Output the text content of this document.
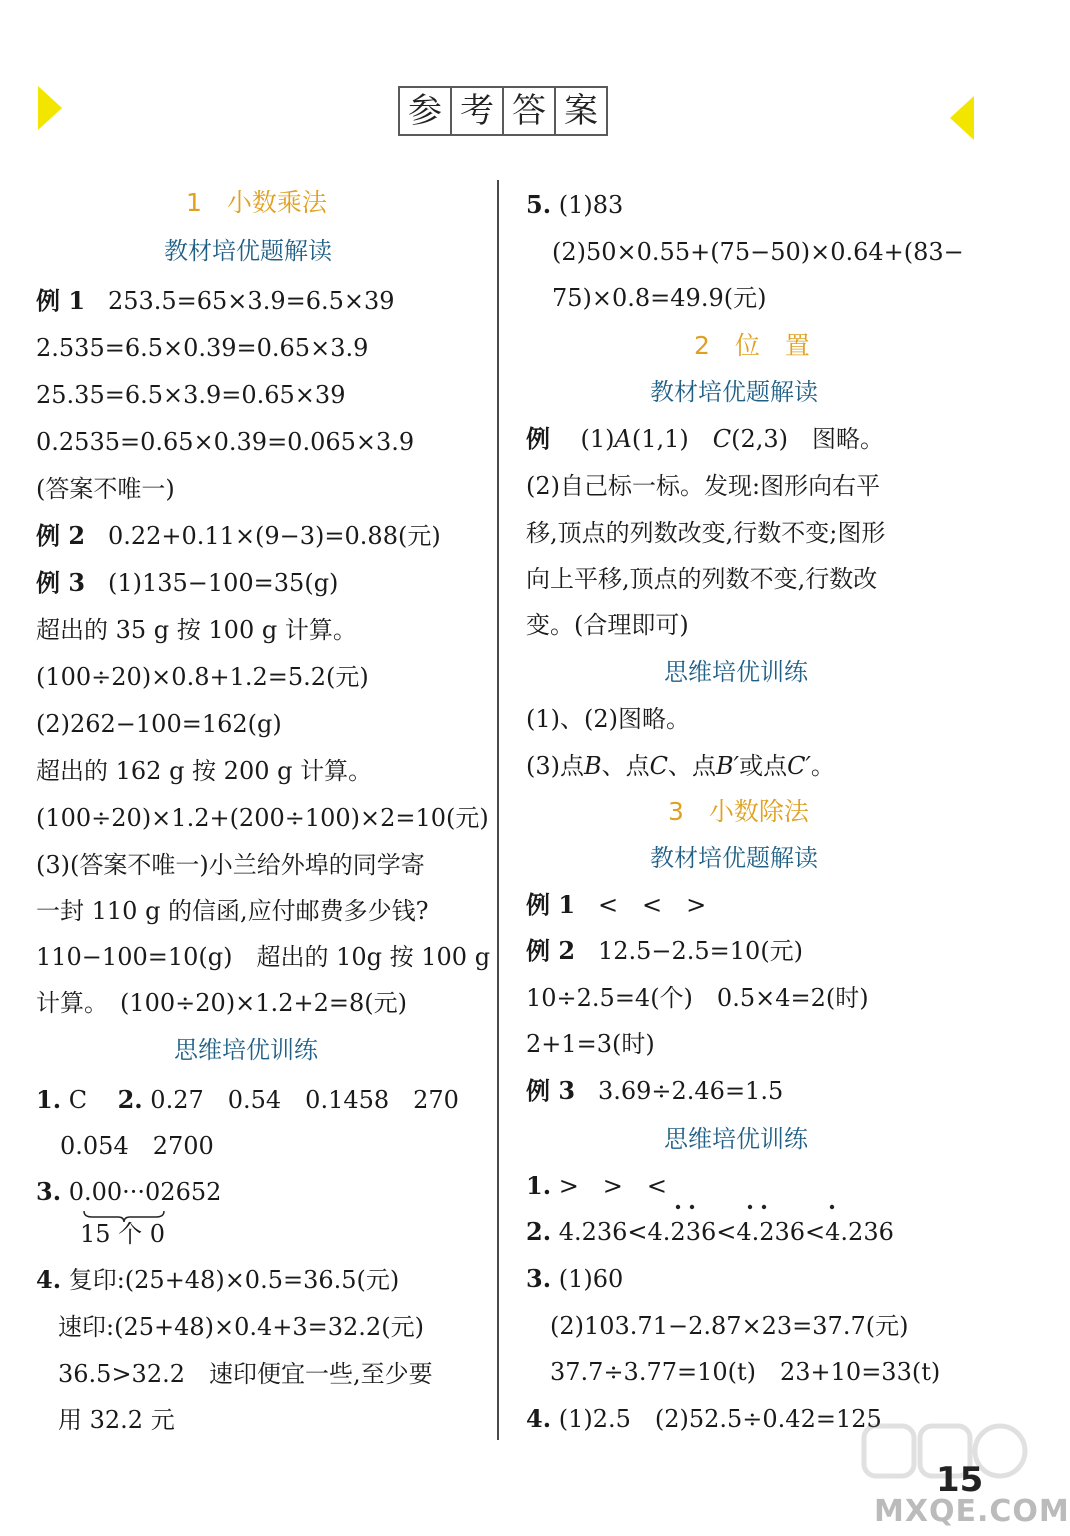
参 考 答 案
1　小数乘法
教材培优题解读
例 1 253.5=65×3.9=6.5×39
2.535=6.5×0.39=0.65×3.9
25.35=6.5×3.9=0.65×39
0.2535=0.65×0.39=0.065×3.9
(答案不唯一)
例 2 0.22+0.11×(9−3)=0.88(元)
例 3 (1)135−100=35(g)
超出的 35 g 按 100 g 计算。
(100÷20)×0.8+1.2=5.2(元)
(2)262−100=162(g)
超出的 162 g 按 200 g 计算。
(100÷20)×1.2+(200÷100)×2=10(元)
(3)(答案不唯一)小兰给外埠的同学寄
一封 110 g 的信函,应付邮费多少钱?
110−100=10(g)　超出的 10g 按 100 g
计算。　(100÷20)×1.2+2=8(元)
思维培优训练
1. C 2. 0.27　0.54　0.1458　270
0.054　2700
3. 0.00···02652
15 个 0
4. 复印:(25+48)×0.5=36.5(元)
速印:(25+48)×0.4+3=32.2(元)
36.5>32.2　速印便宜一些,至少要
用 32.2 元
5. (1)83
(2)50×0.55+(75−50)×0.64+(83−
75)×0.8=49.9(元)
2　位　置
教材培优题解读
例 (1)A(1,1)　C(2,3)　图略。
(2)自己标一标。发现:图形向右平
移,顶点的列数改变,行数不变;图形
向上平移,顶点的列数不变,行数改
变。(合理即可)
思维培优训练
(1)、(2)图略。
(3)点B、点C、点B′或点C′。
3　小数除法
教材培优题解读
例 1 <　<　>
例 2 12.5−2.5=10(元)
10÷2.5=4(个)　0.5×4=2(时)
2+1=3(时)
例 3 3.69÷2.46=1.5
思维培优训练
1. >　>　<
2. 4.236<4.236<4.236<4.236
3. (1)60
(2)103.71−2.87×23=37.7(元)
37.7÷3.77=10(t)　23+10=33(t)
4. (1)2.5　(2)52.5÷0.42=125
15
MXQE.COM
